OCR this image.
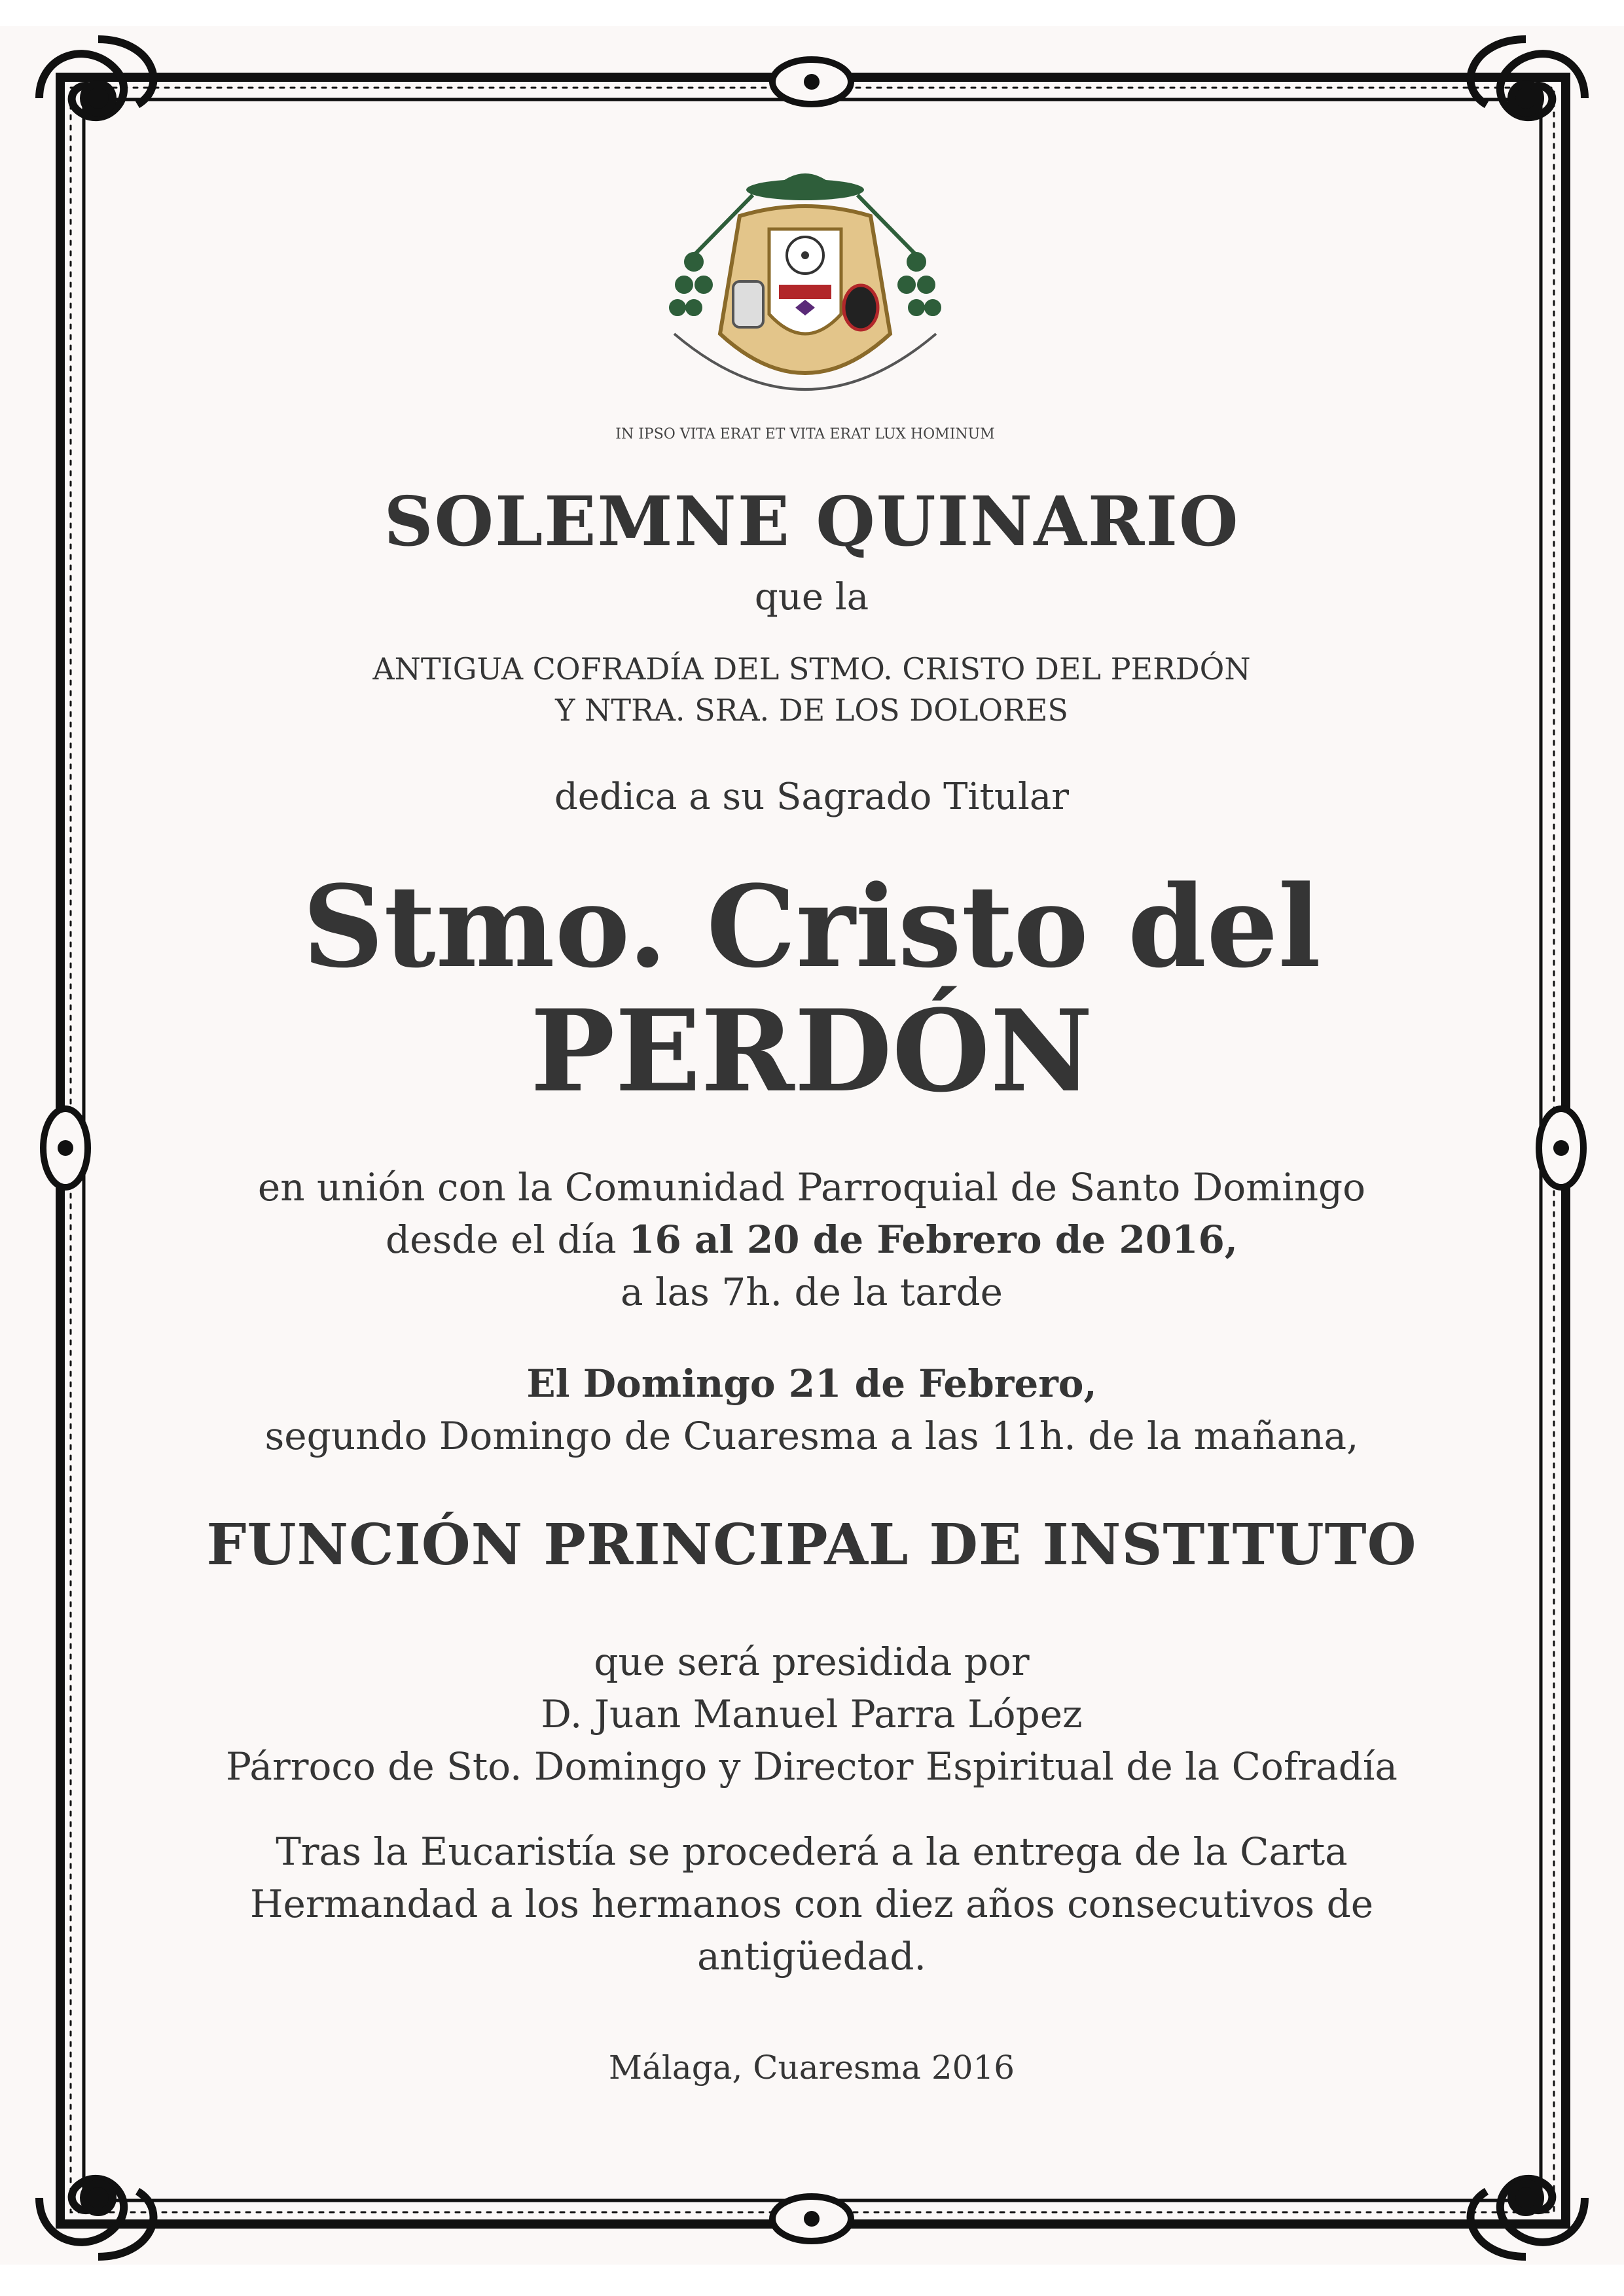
IN IPSO VITA ERAT ET VITA ERAT LUX HOMINUM

SOLEMNE QUINARIO

que la

ANTIGUA COFRADÍA DEL STMO. CRISTO DEL PERDÓN

Y NTRA. SRA. DE LOS DOLORES

dedica a su Sagrado Titular

Stmo. Cristo del

PERDÓN

en unión con la Comunidad Parroquial de Santo Domingo

desde el día 16 al 20 de Febrero de 2016,

a las 7h. de la tarde

El Domingo 21 de Febrero,

segundo Domingo de Cuaresma a las 11h. de la mañana,

FUNCIÓN PRINCIPAL DE INSTITUTO

que será presidida por

D. Juan Manuel Parra López

Párroco de Sto. Domingo y Director Espiritual de la Cofradía

Tras la Eucaristía se procederá a la entrega de la Carta

Hermandad a los hermanos con diez años consecutivos de

antigüedad.

Málaga, Cuaresma 2016
